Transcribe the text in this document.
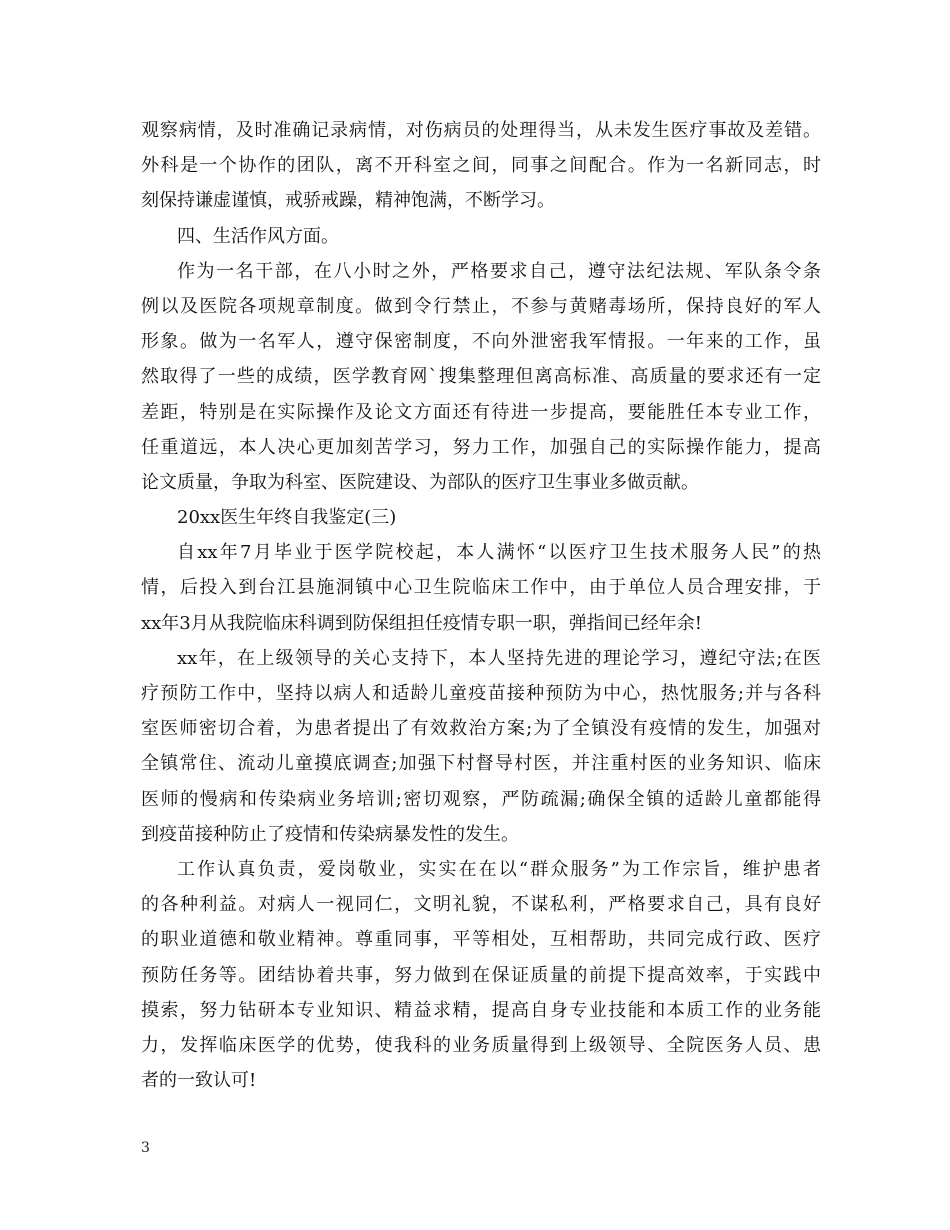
观察病情，及时准确记录病情，对伤病员的处理得当，从未发生医疗事故及差错。
外科是一个协作的团队，离不开科室之间，同事之间配合。作为一名新同志，时
刻保持谦虚谨慎，戒骄戒躁，精神饱满，不断学习。
四、生活作风方面。
作为一名干部，在八小时之外，严格要求自己，遵守法纪法规、军队条令条
例以及医院各项规章制度。做到令行禁止，不参与黄赌毒场所，保持良好的军人
形象。做为一名军人，遵守保密制度，不向外泄密我军情报。一年来的工作，虽
然取得了一些的成绩，医学教育网`搜集整理但离高标准、高质量的要求还有一定
差距，特别是在实际操作及论文方面还有待进一步提高，要能胜任本专业工作，
任重道远，本人决心更加刻苦学习，努力工作，加强自己的实际操作能力，提高
论文质量，争取为科室、医院建设、为部队的医疗卫生事业多做贡献。
20xx医生年终自我鉴定(三)
自xx年7月毕业于医学院校起，本人满怀“以医疗卫生技术服务人民”的热
情，后投入到台江县施洞镇中心卫生院临床工作中，由于单位人员合理安排，于
xx年3月从我院临床科调到防保组担任疫情专职一职，弹指间已经年余!
xx年，在上级领导的关心支持下，本人坚持先进的理论学习，遵纪守法;在医
疗预防工作中，坚持以病人和适龄儿童疫苗接种预防为中心，热忱服务;并与各科
室医师密切合着，为患者提出了有效救治方案;为了全镇没有疫情的发生，加强对
全镇常住、流动儿童摸底调查;加强下村督导村医，并注重村医的业务知识、临床
医师的慢病和传染病业务培训;密切观察，严防疏漏;确保全镇的适龄儿童都能得
到疫苗接种防止了疫情和传染病暴发性的发生。
工作认真负责，爱岗敬业，实实在在以“群众服务”为工作宗旨，维护患者
的各种利益。对病人一视同仁，文明礼貌，不谋私利，严格要求自己，具有良好
的职业道德和敬业精神。尊重同事，平等相处，互相帮助，共同完成行政、医疗
预防任务等。团结协着共事，努力做到在保证质量的前提下提高效率，于实践中
摸索，努力钻研本专业知识、精益求精，提高自身专业技能和本质工作的业务能
力，发挥临床医学的优势，使我科的业务质量得到上级领导、全院医务人员、患
者的一致认可!
3
